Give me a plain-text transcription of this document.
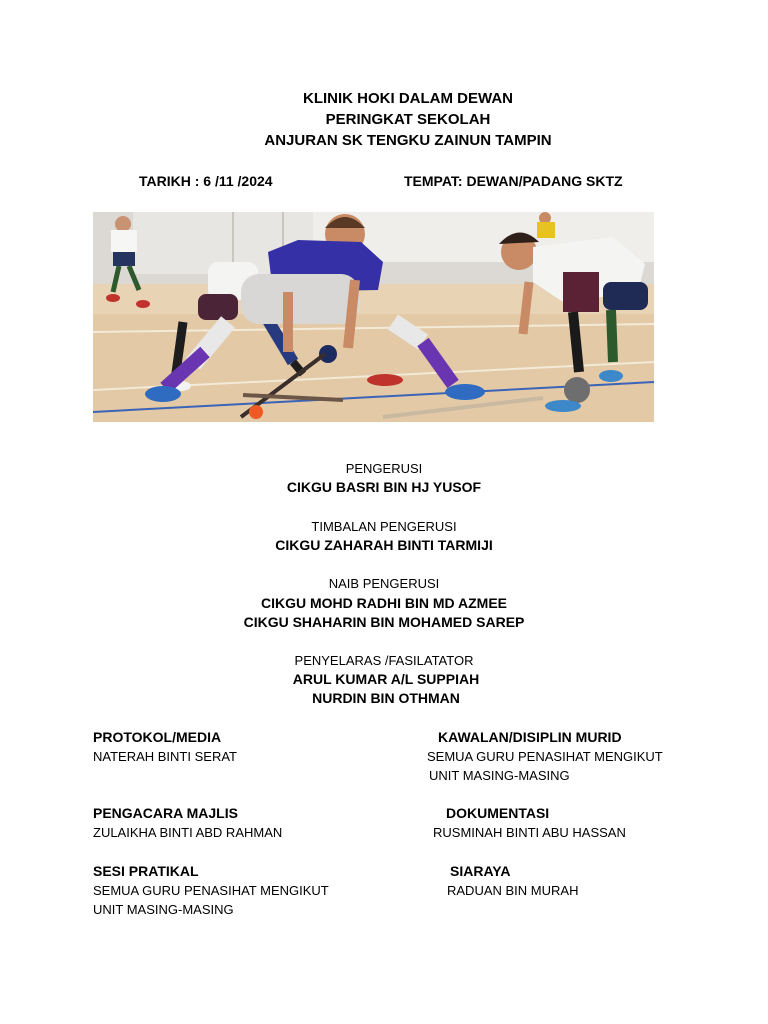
KLINIK HOKI DALAM DEWAN
PERINGKAT SEKOLAH
ANJURAN SK TENGKU ZAINUN TAMPIN
TARIKH : 6 /11 /2024	TEMPAT: DEWAN/PADANG SKTZ
PENGERUSI
CIKGU BASRI BIN HJ YUSOF
TIMBALAN PENGERUSI
CIKGU ZAHARAH BINTI TARMIJI
NAIB PENGERUSI
CIKGU MOHD RADHI BIN MD AZMEE
CIKGU SHAHARIN BIN MOHAMED SAREP
PENYELARAS /FASILATATOR
ARUL KUMAR A/L SUPPIAH
NURDIN BIN OTHMAN
PROTOKOL/MEDIA
NATERAH BINTI SERAT
PENGACARA MAJLIS
ZULAIKHA BINTI ABD RAHMAN
SESI PRATIKAL
SEMUA GURU PENASIHAT MENGIKUT
UNIT MASING-MASING
KAWALAN/DISIPLIN MURID
SEMUA GURU PENASIHAT MENGIKUT
UNIT MASING-MASING
DOKUMENTASI
RUSMINAH BINTI ABU HASSAN
SIARAYA
RADUAN BIN MURAH
